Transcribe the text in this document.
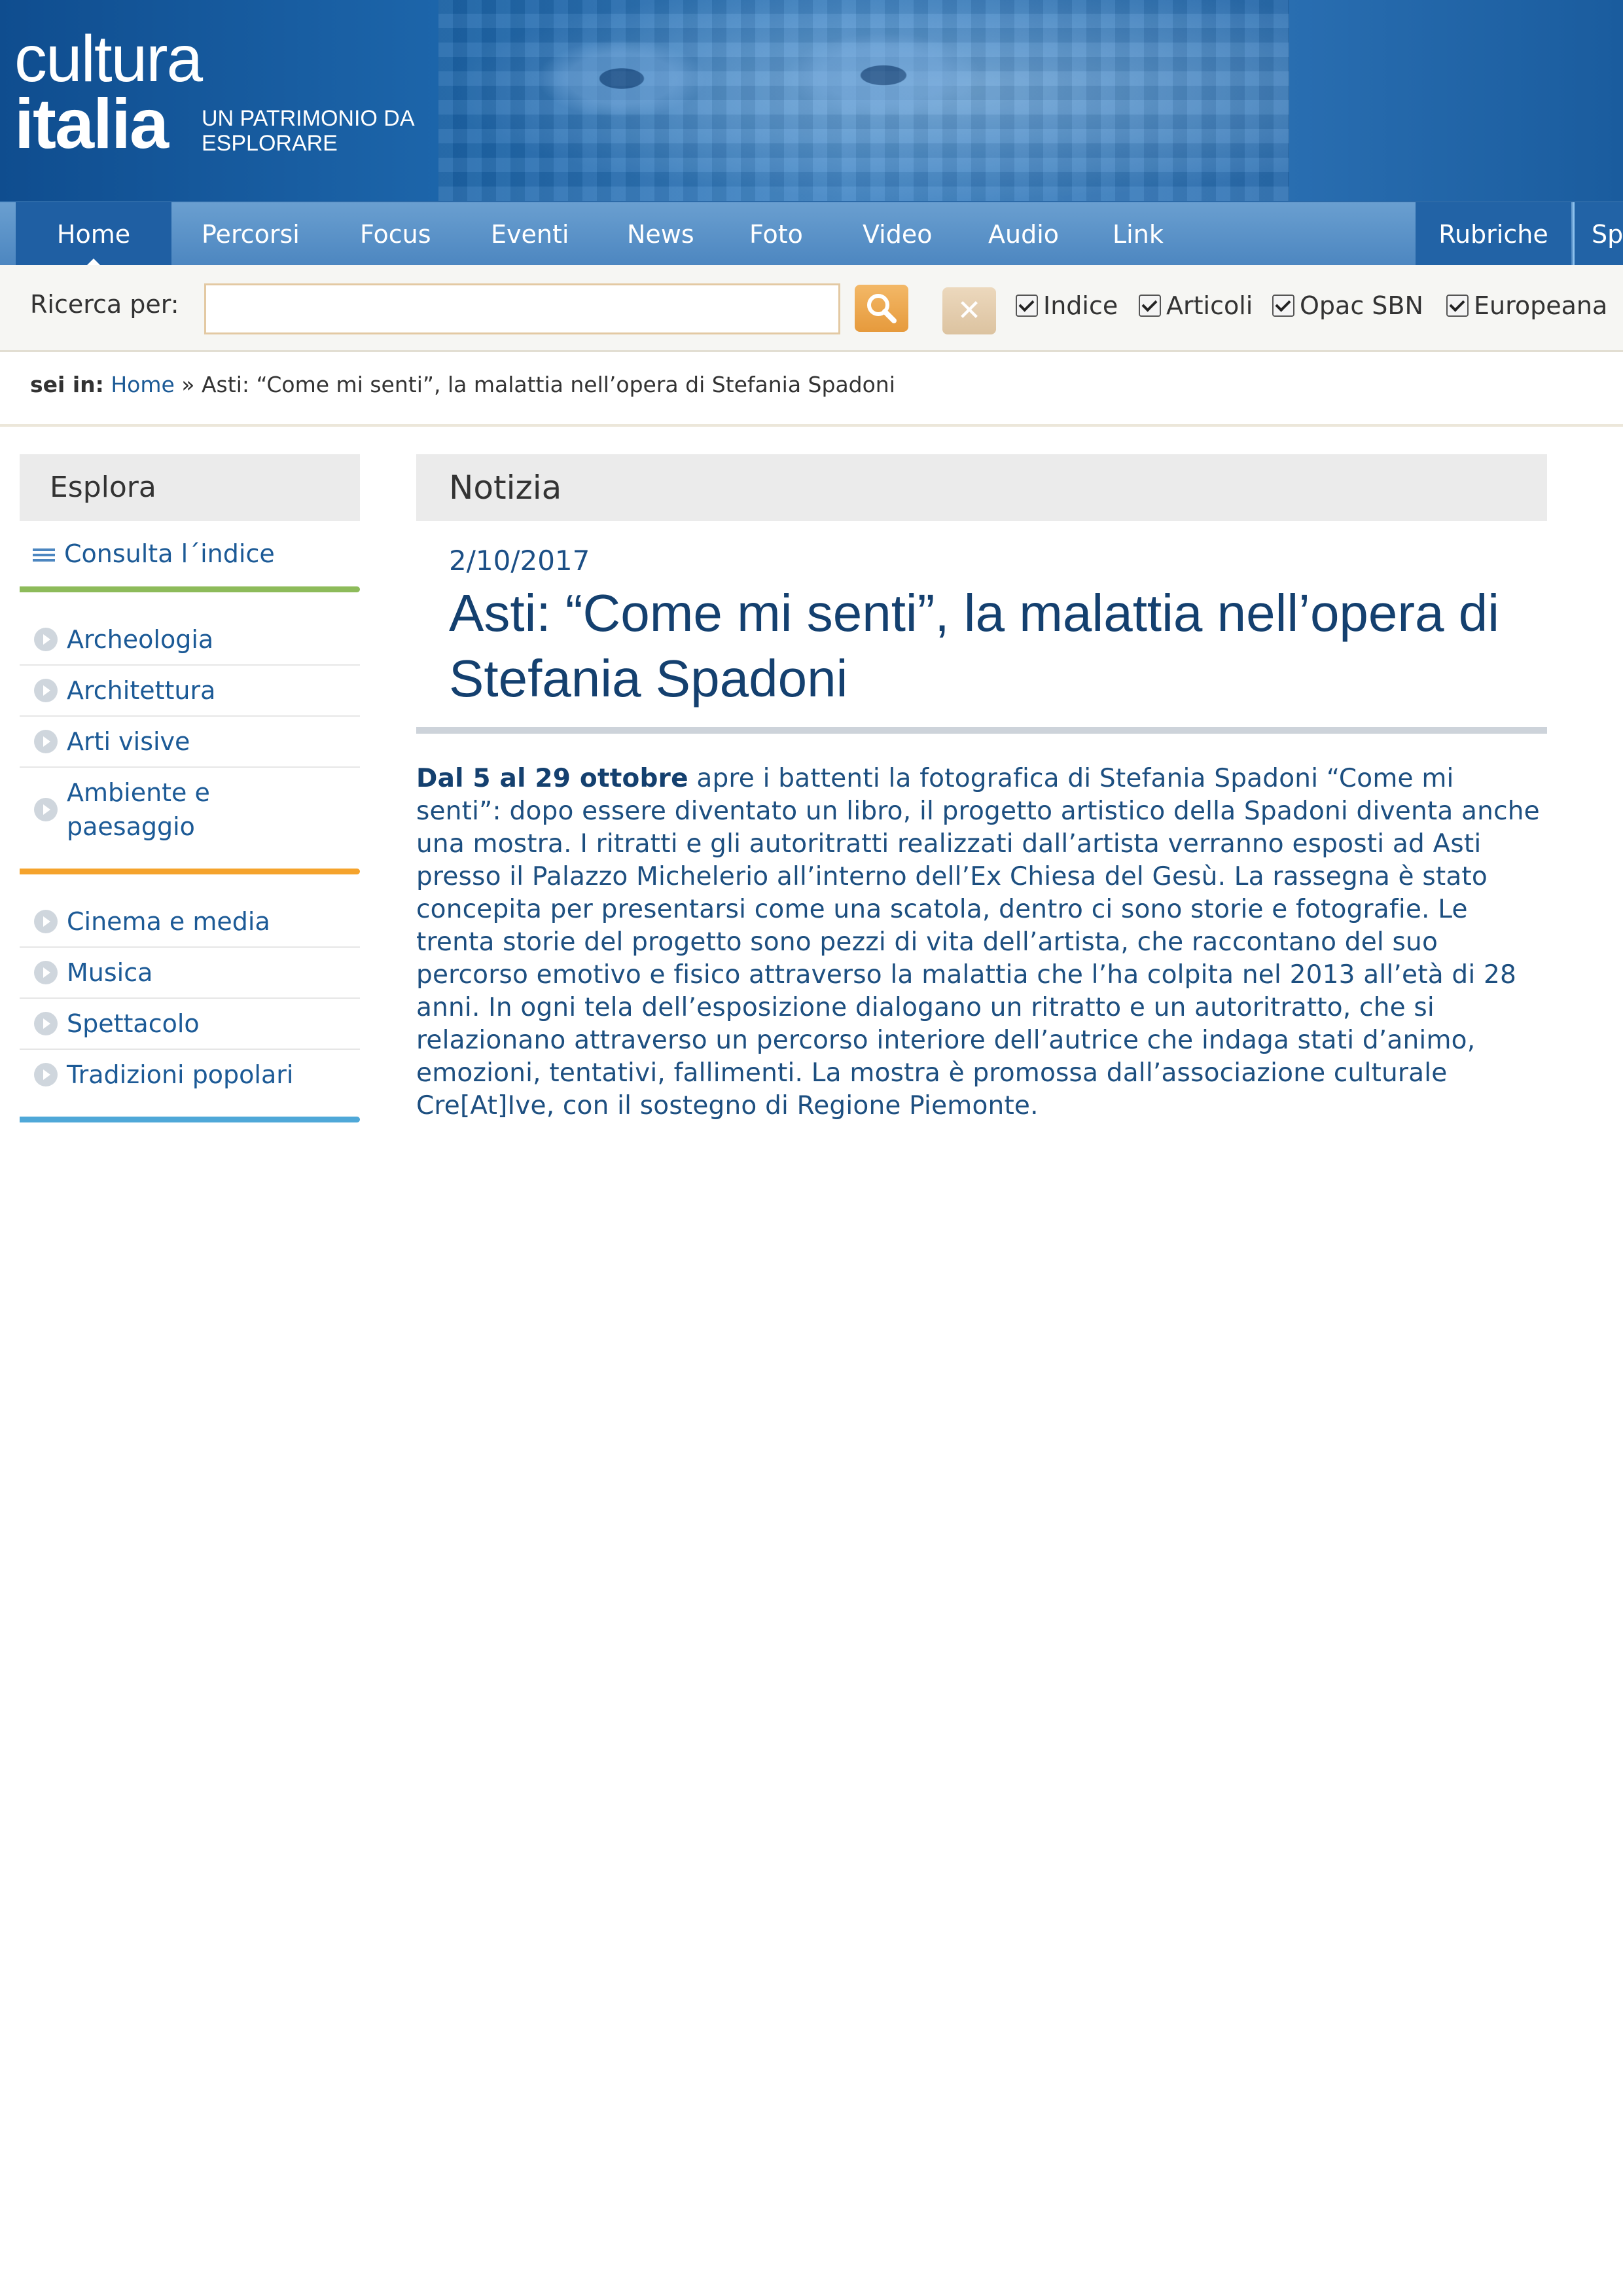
cultura
italia UN PATRIMONIO DA ESPLORARE
Home	Percorsi Focus Eventi News Foto Video Audio Link	Rubriche	Sp
Ricerca per:	✕	Indice	Articoli	Opac SBN	Europeana
sei in: Home » Asti: “Come mi senti”, la malattia nell’opera di Stefania Spadoni
Esplora
Consulta l´indice
Archeologia
Architettura
Arti visive
Ambiente e paesaggio
Cinema e media
Musica
Spettacolo
Tradizioni popolari
Notizia
2/10/2017
Asti: “Come mi senti”, la malattia nell’opera di Stefania Spadoni
Dal 5 al 29 ottobre apre i battenti la fotografica di Stefania Spadoni “Come mi senti”: dopo essere diventato un libro, il progetto artistico della Spadoni diventa anche una mostra. I ritratti e gli autoritratti realizzati dall’artista verranno esposti ad Asti presso il Palazzo Michelerio all’interno dell’Ex Chiesa del Gesù. La rassegna è stato concepita per presentarsi come una scatola, dentro ci sono storie e fotografie. Le trenta storie del progetto sono pezzi di vita dell’artista, che raccontano del suo percorso emotivo e fisico attraverso la malattia che l’ha colpita nel 2013 all’età di 28 anni. In ogni tela dell’esposizione dialogano un ritratto e un autoritratto, che si relazionano attraverso un percorso interiore dell’autrice che indaga stati d’animo, emozioni, tentativi, fallimenti. La mostra è promossa dall’associazione culturale Cre[At]Ive, con il sostegno di Regione Piemonte.
